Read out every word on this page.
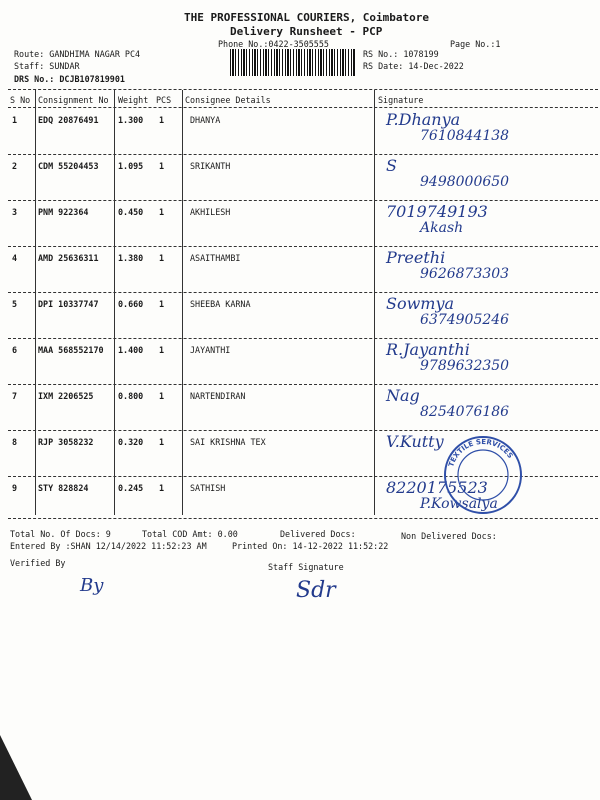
THE PROFESSIONAL COURIERS, Coimbatore
Delivery Runsheet - PCP
Phone No.:0422-3505555	Page No.:1
Route: GANDHIMA NAGAR PC4
Staff: SUNDAR
DRS No.: DCJB107819901
RS No.: 1078199
RS Date: 14-Dec-2022
S No Consignment No Weight PCS Consignee Details	Signature
1 EDQ 20876491 1.300 1	DHANYA	P.Dhanya
7610844138
2 CDM 55204453 1.095 1	SRIKANTH	S
9498000650
3 PNM 922364	0.450 1	AKHILESH	7019749193
Akash
4 AMD 25636311 1.380 1	ASAITHAMBI	Preethi
9626873303
5 DPI 10337747 0.660 1	SHEEBA KARNA	Sowmya
6374905246
6 MAA 568552170 1.400 1	JAYANTHI	R.Jayanthi
9789632350
7 IXM 2206525	0.800 1	NARTENDIRAN	Nag
8254076186
8 RJP 3058232	0.320 1	SAI KRISHNA TEX	V.Kutty
9 STY 828824	0.245 1	SATHISH	8220175523
P.Kowsalya
TEXTILE SERVICES
Total No. Of Docs: 9	Total COD Amt: 0.00	Delivered Docs:	Non Delivered Docs:
Entered By :SHAN 12/14/2022 11:52:23 AM	Printed On: 14-12-2022 11:52:22
Verified By	Staff Signature
By	Sdr
